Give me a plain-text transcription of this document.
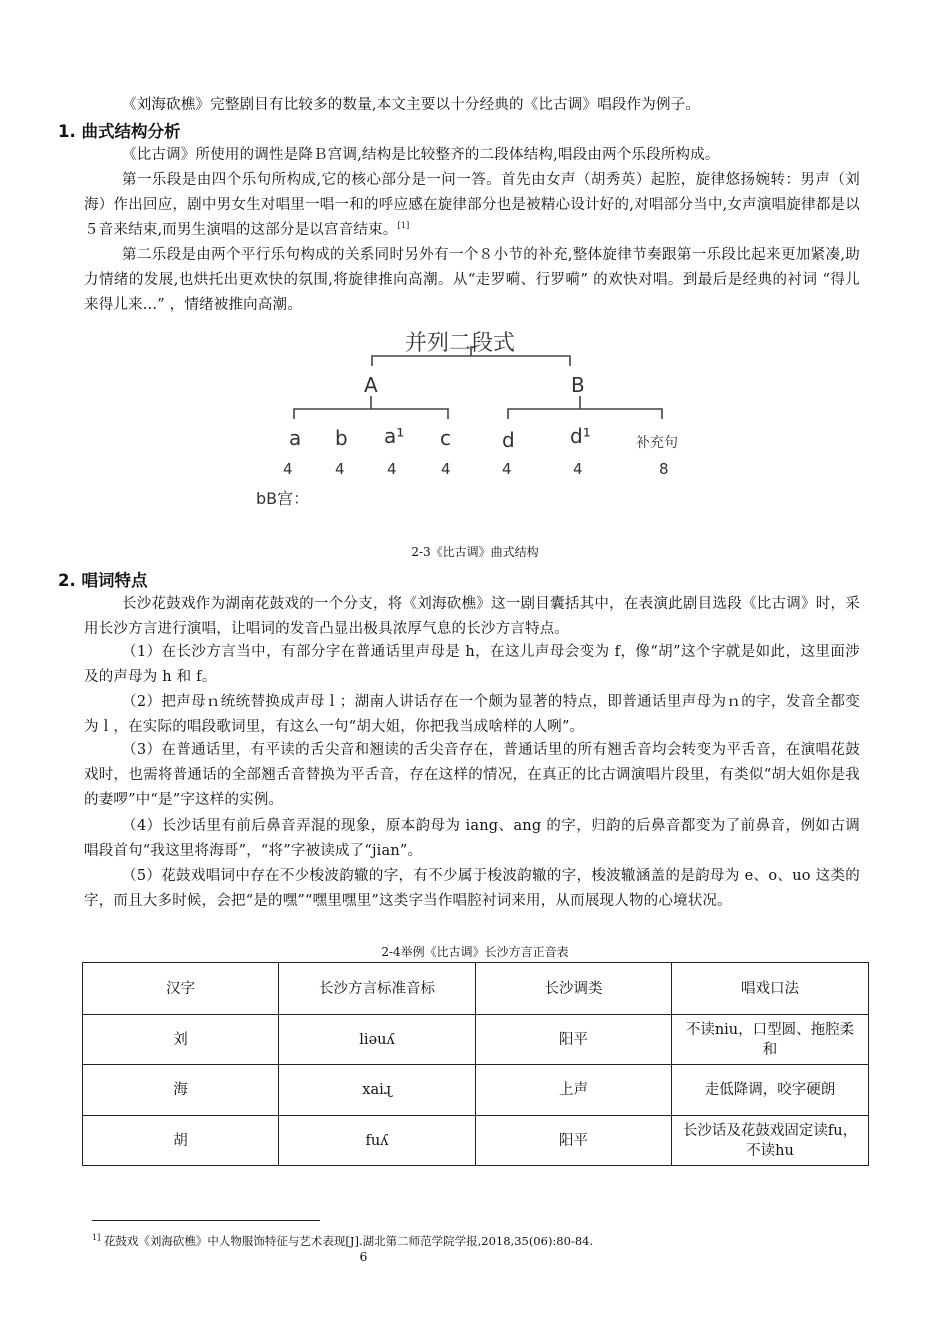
《刘海砍樵》完整剧目有比较多的数量,本文主要以十分经典的《比古调》唱段作为例子。

1. 曲式结构分析

《比古调》所使用的调性是降Ｂ宫调,结构是比较整齐的二段体结构,唱段由两个乐段所构成。

第一乐段是由四个乐句所构成,它的核心部分是一问一答。首先由女声（胡秀英）起腔，旋律悠扬婉转：男声（刘海）作出回应，剧中男女生对唱里一唱一和的呼应感在旋律部分也是被精心设计好的,对唱部分当中,女声演唱旋律都是以５音来结束,而男生演唱的这部分是以宫音结束。[1]

第二乐段是由两个平行乐句构成的关系同时另外有一个８小节的补充,整体旋律节奏跟第一乐段比起来更加紧凑,助力情绪的发展,也烘托出更欢快的氛围,将旋律推向高潮。从“走罗嗬、行罗嗬” 的欢快对唱。到最后是经典的衬词 “得儿来得儿来...” ，情绪被推向高潮。

并列二段式
A	B
a b a¹ c	d	d¹	补充句
4	4	4	4	4	4	8
bB宫：
2-3《比古调》曲式结构
2. 唱词特点

长沙花鼓戏作为湖南花鼓戏的一个分支，将《刘海砍樵》这一剧目囊括其中，在表演此剧目选段《比古调》时，采用长沙方言进行演唱，让唱词的发音凸显出极具浓厚气息的长沙方言特点。

（1）在长沙方言当中，有部分字在普通话里声母是 h，在这儿声母会变为 f，像“胡”这个字就是如此，这里面涉及的声母为 h 和 f。

（2）把声母ｎ统统替换成声母ｌ；湖南人讲话存在一个颇为显著的特点，即普通话里声母为ｎ的字，发音全都变为ｌ，在实际的唱段歌词里，有这么一句“胡大姐，你把我当成啥样的人咧”。

（3）在普通话里，有平读的舌尖音和翘读的舌尖音存在，普通话里的所有翘舌音均会转变为平舌音，在演唱花鼓戏时，也需将普通话的全部翘舌音替换为平舌音，存在这样的情况，在真正的比古调演唱片段里，有类似“胡大姐你是我的妻啰”中“是”字这样的实例。

（4）长沙话里有前后鼻音弄混的现象，原本韵母为 iang、ang 的字，归韵的后鼻音都变为了前鼻音，例如古调唱段首句“我这里将海哥”，“将”字被读成了“jian”。

（5）花鼓戏唱词中存在不少梭波韵辙的字，有不少属于梭波韵辙的字，梭波辙涵盖的是韵母为 e、o、uo 这类的字，而且大多时候，会把“是的嘿”“嘿里嘿里”这类字当作唱腔衬词来用，从而展现人物的心境状况。

2-4举例《比古调》长沙方言正音表
汉字	长沙方言标准音标	长沙调类	唱戏口法
刘	liəuʎ	阳平	不读niu，口型圆、拖腔柔和
海	xaiɻ	上声	走低降调，咬字硬朗
胡	fuʎ	阳平	长沙话及花鼓戏固定读fu，不读hu
$^{1]}$ 花鼓戏《刘海砍樵》中人物服饰特征与艺术表现[J].湖北第二师范学院学报,2018,35(06):80-84.
6
